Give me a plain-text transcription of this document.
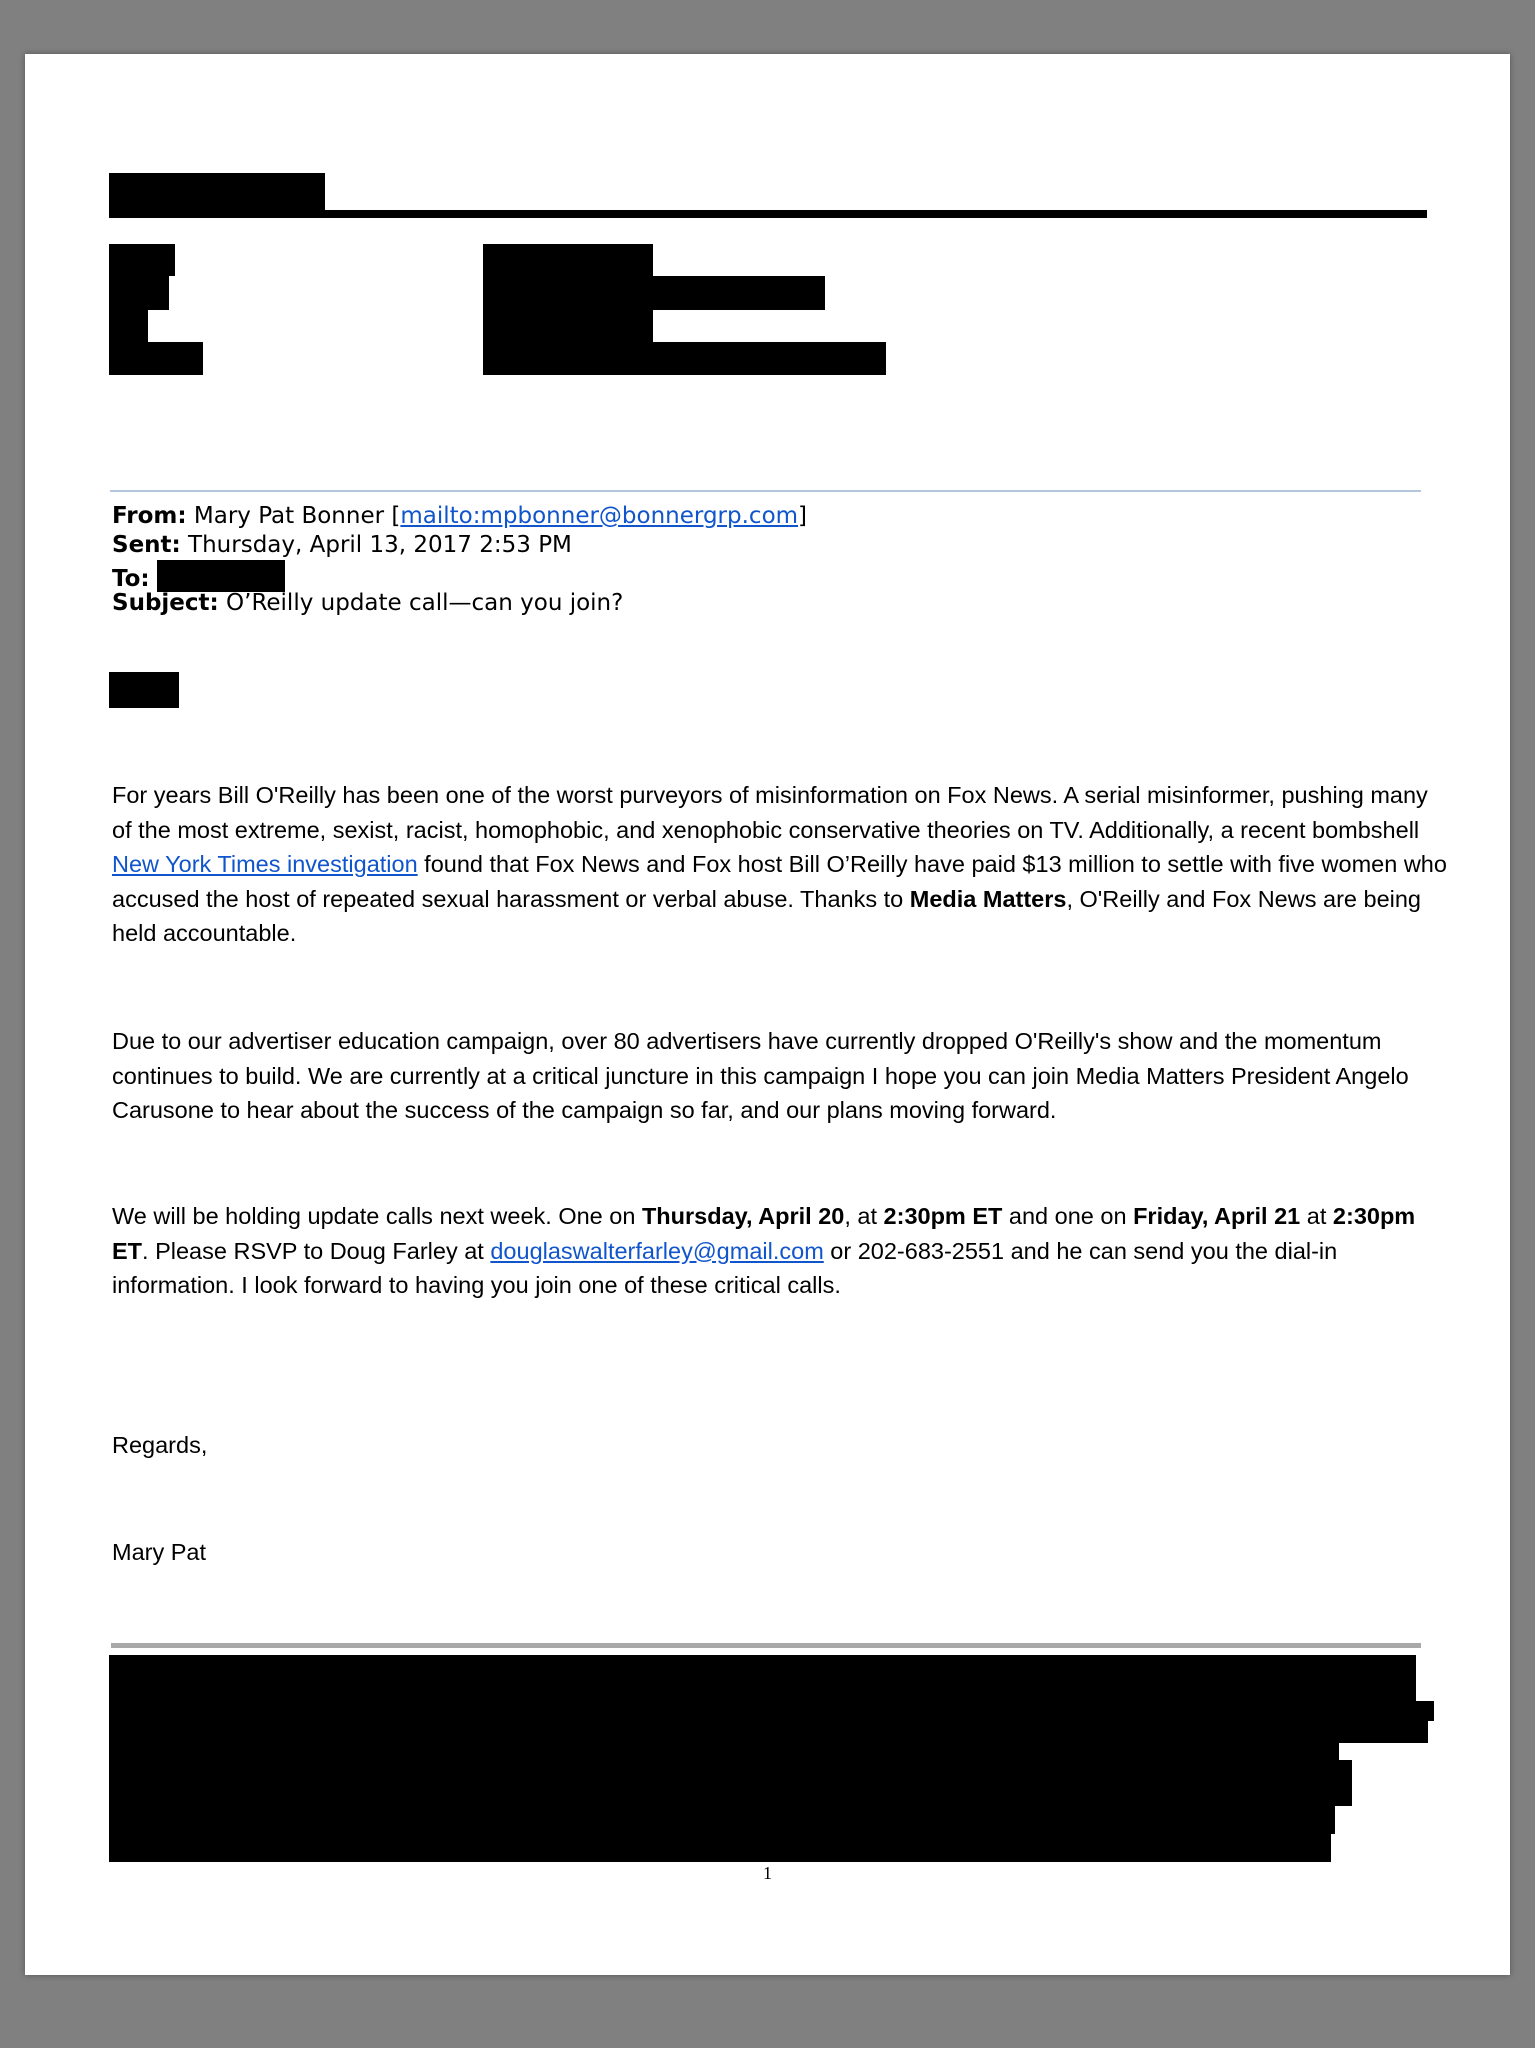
From: Mary Pat Bonner [mailto:mpbonner@bonnergrp.com]
Sent: Thursday, April 13, 2017 2:53 PM
To:
Subject: O’Reilly update call—can you join?

For years Bill O'Reilly has been one of the worst purveyors of misinformation on Fox News. A serial misinformer, pushing many of the most extreme, sexist, racist, homophobic, and xenophobic conservative theories on TV. Additionally, a recent bombshell New York Times investigation found that Fox News and Fox host Bill O’Reilly have paid $13 million to settle with five women who accused the host of repeated sexual harassment or verbal abuse. Thanks to Media Matters, O'Reilly and Fox News are being held accountable.

Due to our advertiser education campaign, over 80 advertisers have currently dropped O'Reilly's show and the momentum continues to build. We are currently at a critical juncture in this campaign I hope you can join Media Matters President Angelo Carusone to hear about the success of the campaign so far, and our plans moving forward.

We will be holding update calls next week. One on Thursday, April 20, at 2:30pm ET and one on Friday, April 21 at 2:30pm ET. Please RSVP to Doug Farley at douglaswalterfarley@gmail.com or 202-683-2551 and he can send you the dial-in information. I look forward to having you join one of these critical calls.

Regards,

Mary Pat

1
